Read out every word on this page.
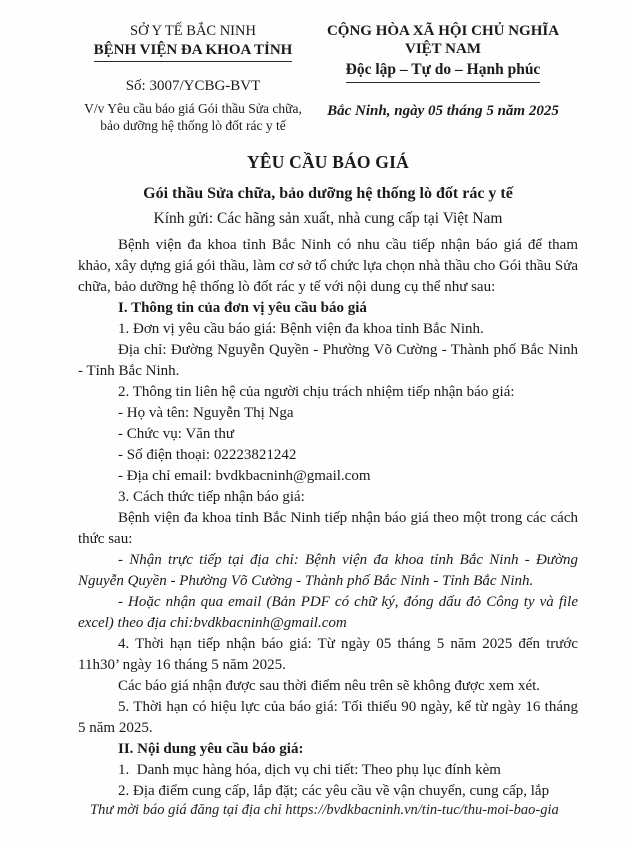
SỞ Y TẾ BẮC NINH
BỆNH VIỆN ĐA KHOA TỈNH
Số: 3007/YCBG-BVT
V/v Yêu cầu báo giá Gói thầu Sửa chữa,
bảo dưỡng hệ thống lò đốt rác y tế
CỘNG HÒA XÃ HỘI CHỦ NGHĨA VIỆT NAM
Độc lập – Tự do – Hạnh phúc
Bắc Ninh, ngày 05 tháng 5 năm 2025
YÊU CẦU BÁO GIÁ
Gói thầu Sửa chữa, bảo dưỡng hệ thống lò đốt rác y tế
Kính gửi: Các hãng sản xuất, nhà cung cấp tại Việt Nam

Bệnh viện đa khoa tỉnh Bắc Ninh có nhu cầu tiếp nhận báo giá để tham khảo, xây dựng giá gói thầu, làm cơ sở tổ chức lựa chọn nhà thầu cho Gói thầu Sửa chữa, bảo dưỡng hệ thống lò đốt rác y tế với nội dung cụ thể như sau:

I. Thông tin của đơn vị yêu cầu báo giá

1. Đơn vị yêu cầu báo giá: Bệnh viện đa khoa tỉnh Bắc Ninh.

Địa chỉ: Đường Nguyễn Quyền - Phường Võ Cường - Thành phố Bắc Ninh - Tỉnh Bắc Ninh.

2. Thông tin liên hệ của người chịu trách nhiệm tiếp nhận báo giá:

- Họ và tên: Nguyễn Thị Nga

- Chức vụ: Văn thư

- Số điện thoại: 02223821242

- Địa chỉ email: bvdkbacninh@gmail.com

3. Cách thức tiếp nhận báo giá:

Bệnh viện đa khoa tỉnh Bắc Ninh tiếp nhận báo giá theo một trong các cách thức sau:

- Nhận trực tiếp tại địa chỉ: Bệnh viện đa khoa tỉnh Bắc Ninh - Đường Nguyễn Quyền - Phường Võ Cường - Thành phố Bắc Ninh - Tỉnh Bắc Ninh.

- Hoặc nhận qua email (Bản PDF có chữ ký, đóng dấu đỏ Công ty và file excel) theo địa chỉ:bvdkbacninh@gmail.com

4. Thời hạn tiếp nhận báo giá: Từ ngày 05 tháng 5 năm 2025 đến trước 11h30’ ngày 16 tháng 5 năm 2025.

Các báo giá nhận được sau thời điểm nêu trên sẽ không được xem xét.

5. Thời hạn có hiệu lực của báo giá: Tối thiểu 90 ngày, kể từ ngày 16 tháng 5 năm 2025.

II. Nội dung yêu cầu báo giá:

1.  Danh mục hàng hóa, dịch vụ chi tiết: Theo phụ lục đính kèm

2. Địa điểm cung cấp, lắp đặt; các yêu cầu về vận chuyển, cung cấp, lắp

Thư mời báo giá đăng tại địa chỉ https://bvdkbacninh.vn/tin-tuc/thu-moi-bao-gia
